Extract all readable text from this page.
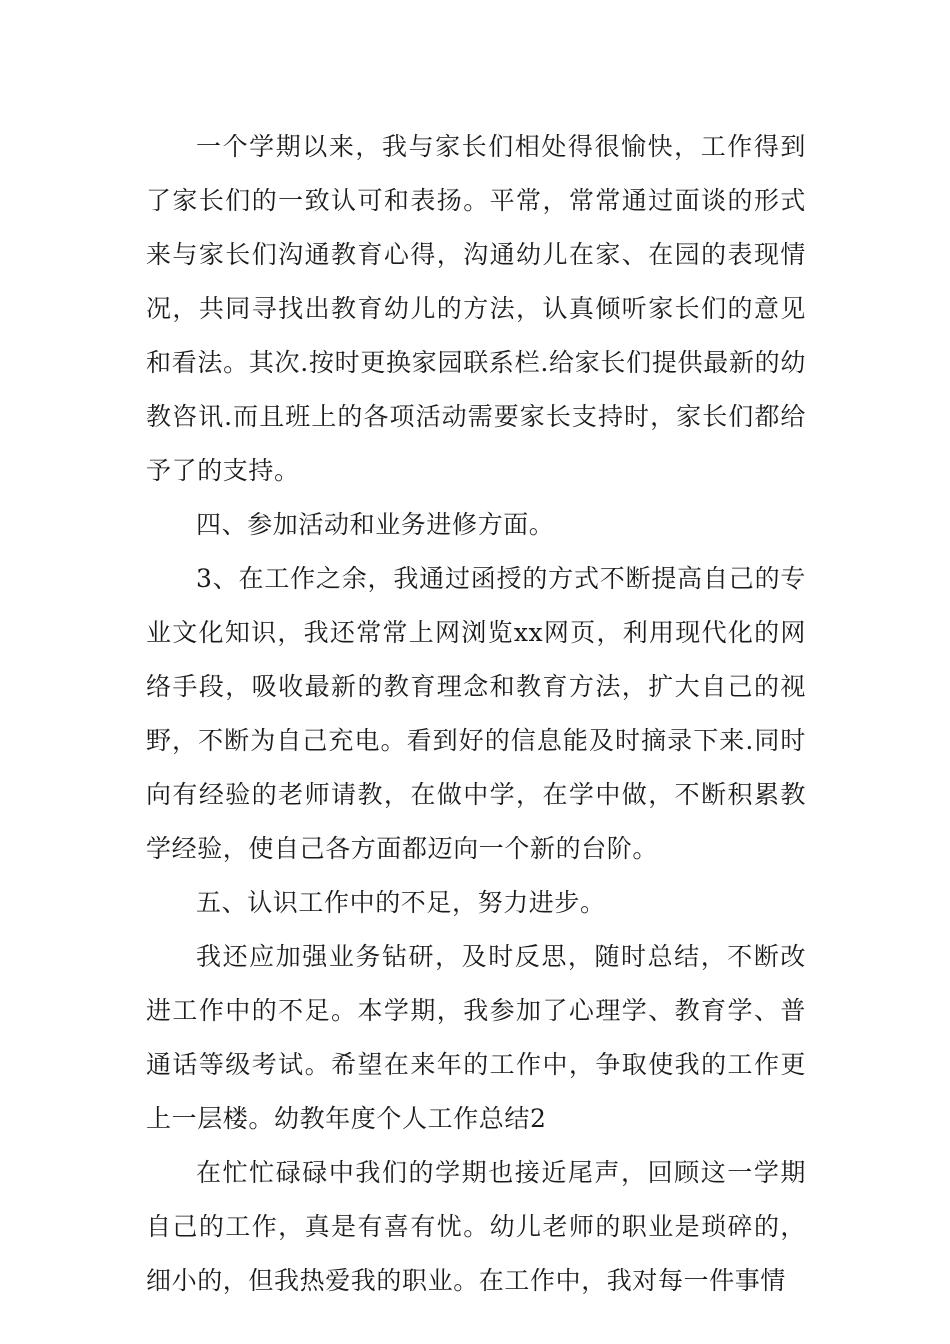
一个学期以来，我与家长们相处得很愉快，工作得到了家长们的一致认可和表扬。平常，常常通过面谈的形式来与家长们沟通教育心得，沟通幼儿在家、在园的表现情况，共同寻找出教育幼儿的方法，认真倾听家长们的意见和看法。其次.按时更换家园联系栏.给家长们提供最新的幼教咨讯.而且班上的各项活动需要家长支持时，家长们都给予了的支持。

四、参加活动和业务进修方面。

3、在工作之余，我通过函授的方式不断提高自己的专业文化知识，我还常常上网浏览xx网页，利用现代化的网络手段，吸收最新的教育理念和教育方法，扩大自己的视野，不断为自己充电。看到好的信息能及时摘录下来.同时向有经验的老师请教，在做中学，在学中做，不断积累教学经验，使自己各方面都迈向一个新的台阶。

五、认识工作中的不足，努力进步。

我还应加强业务钻研，及时反思，随时总结，不断改进工作中的不足。本学期，我参加了心理学、教育学、普通话等级考试。希望在来年的工作中，争取使我的工作更上一层楼。幼教年度个人工作总结2

在忙忙碌碌中我们的学期也接近尾声，回顾这一学期自己的工作，真是有喜有忧。幼儿老师的职业是琐碎的，细小的，但我热爱我的职业。在工作中，我对每一件事情
